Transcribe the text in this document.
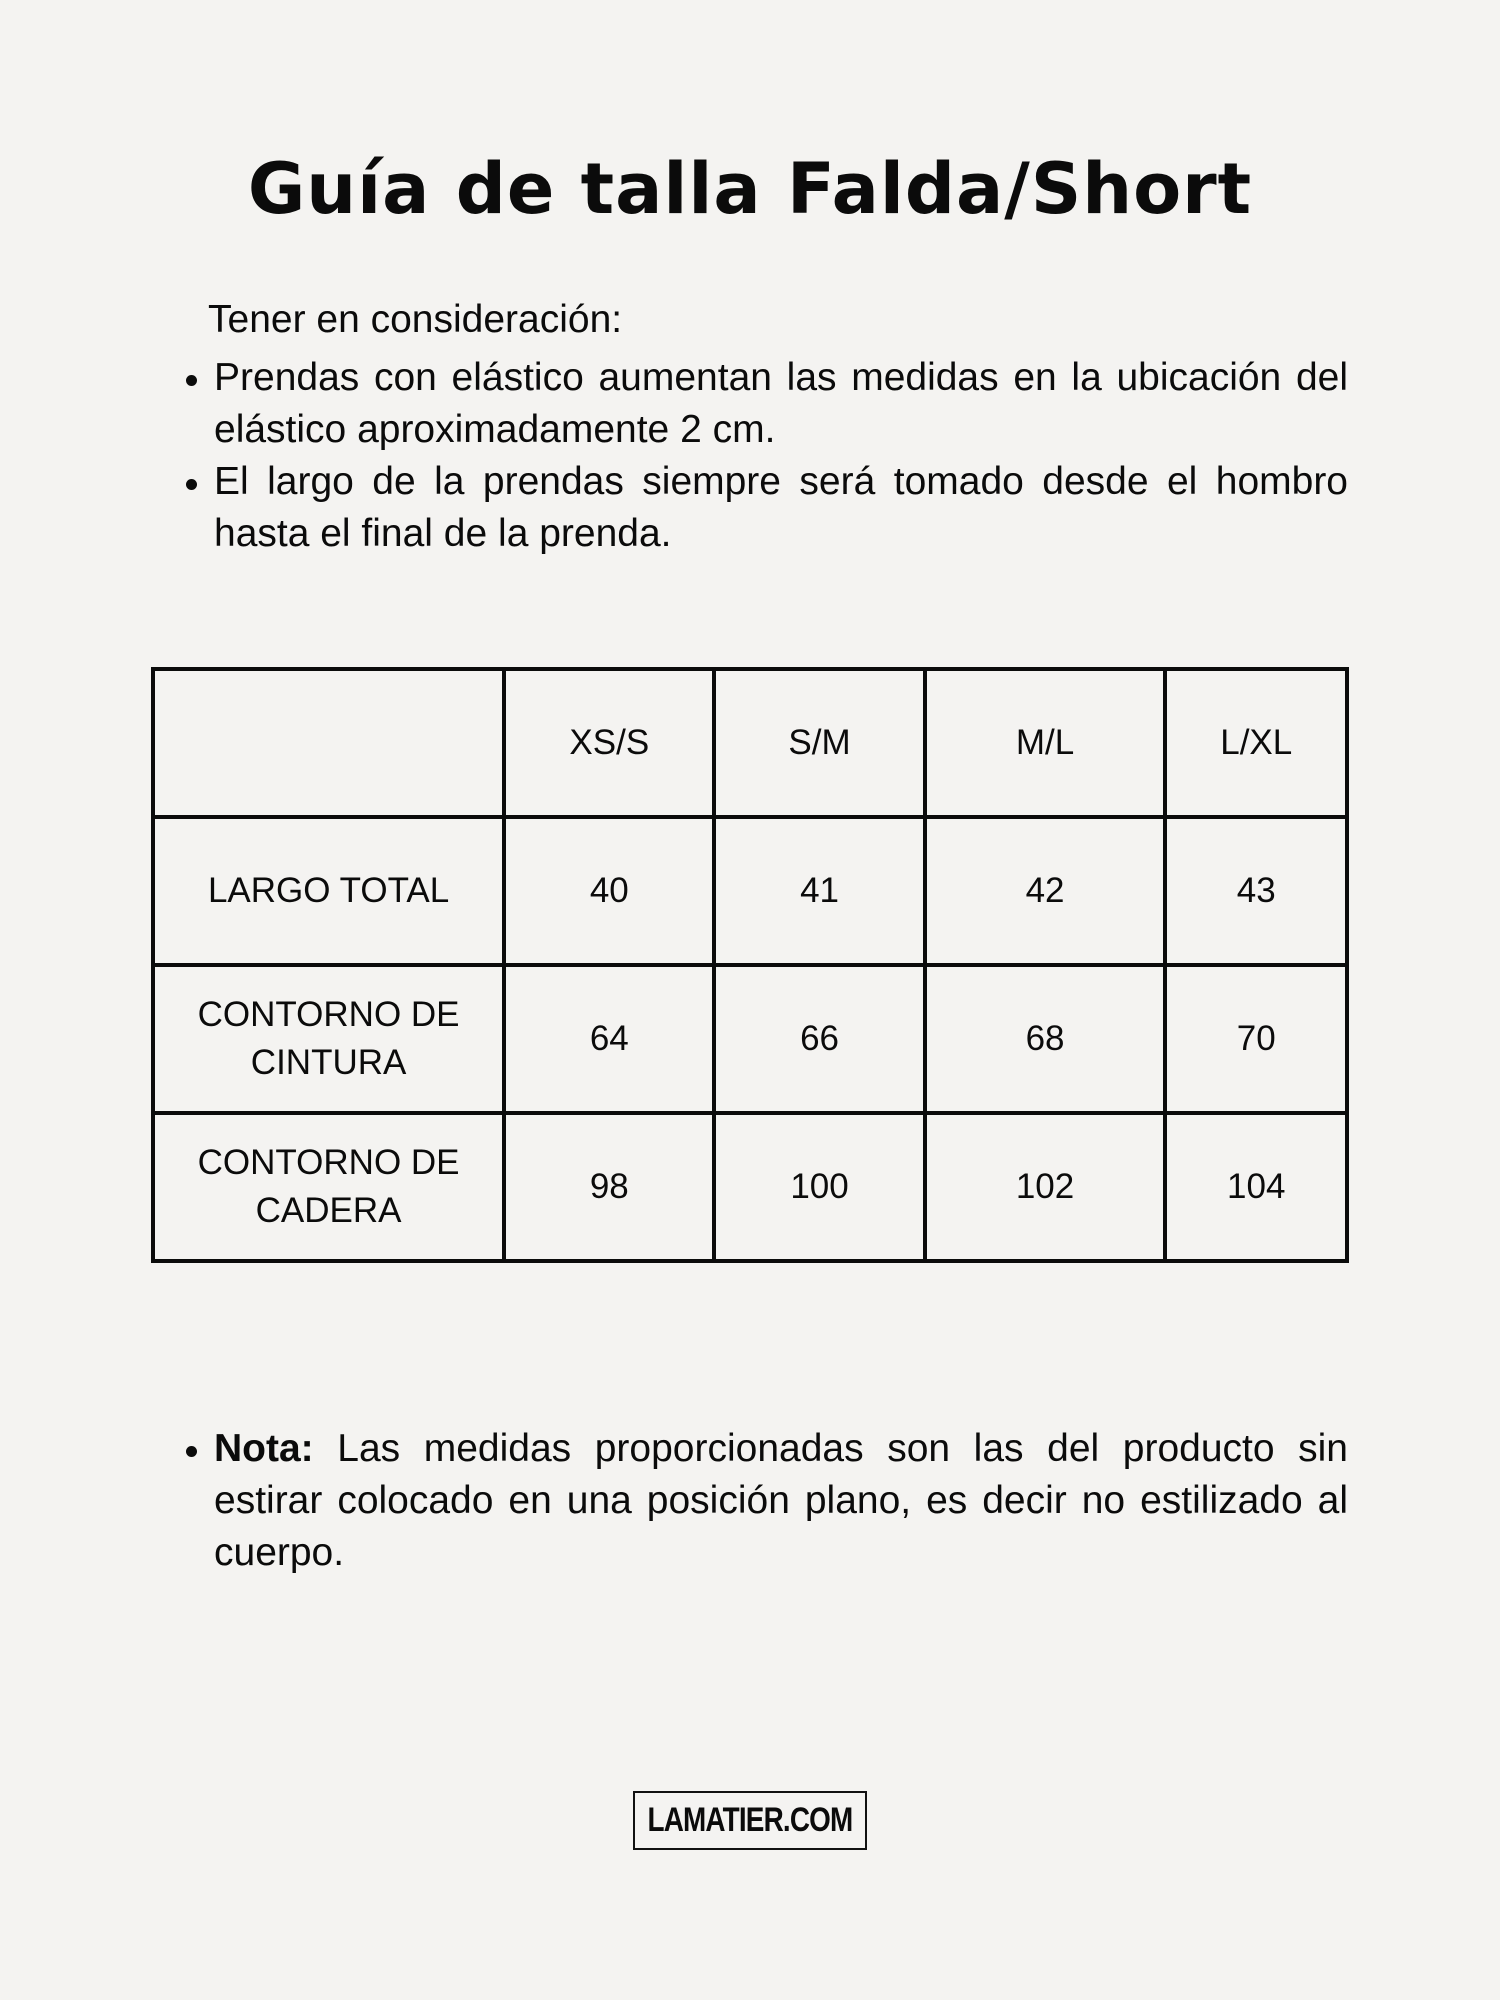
Guía de talla Falda/Short
Tener en consideración:
Prendas con elástico aumentan las medidas en la ubicación del elástico aproximadamente 2 cm.
El largo de la prendas siempre será tomado desde el hombro hasta el final de la prenda.
	XS/S	S/M	M/L	L/XL
LARGO TOTAL	40	41	42	43
CONTORNO DE CINTURA	64	66	68	70
CONTORNO DE CADERA	98	100	102	104
Nota: Las medidas proporcionadas son las del producto sin estirar colocado en una posición plano, es decir no estilizado al cuerpo.
LAMATIER.COM
